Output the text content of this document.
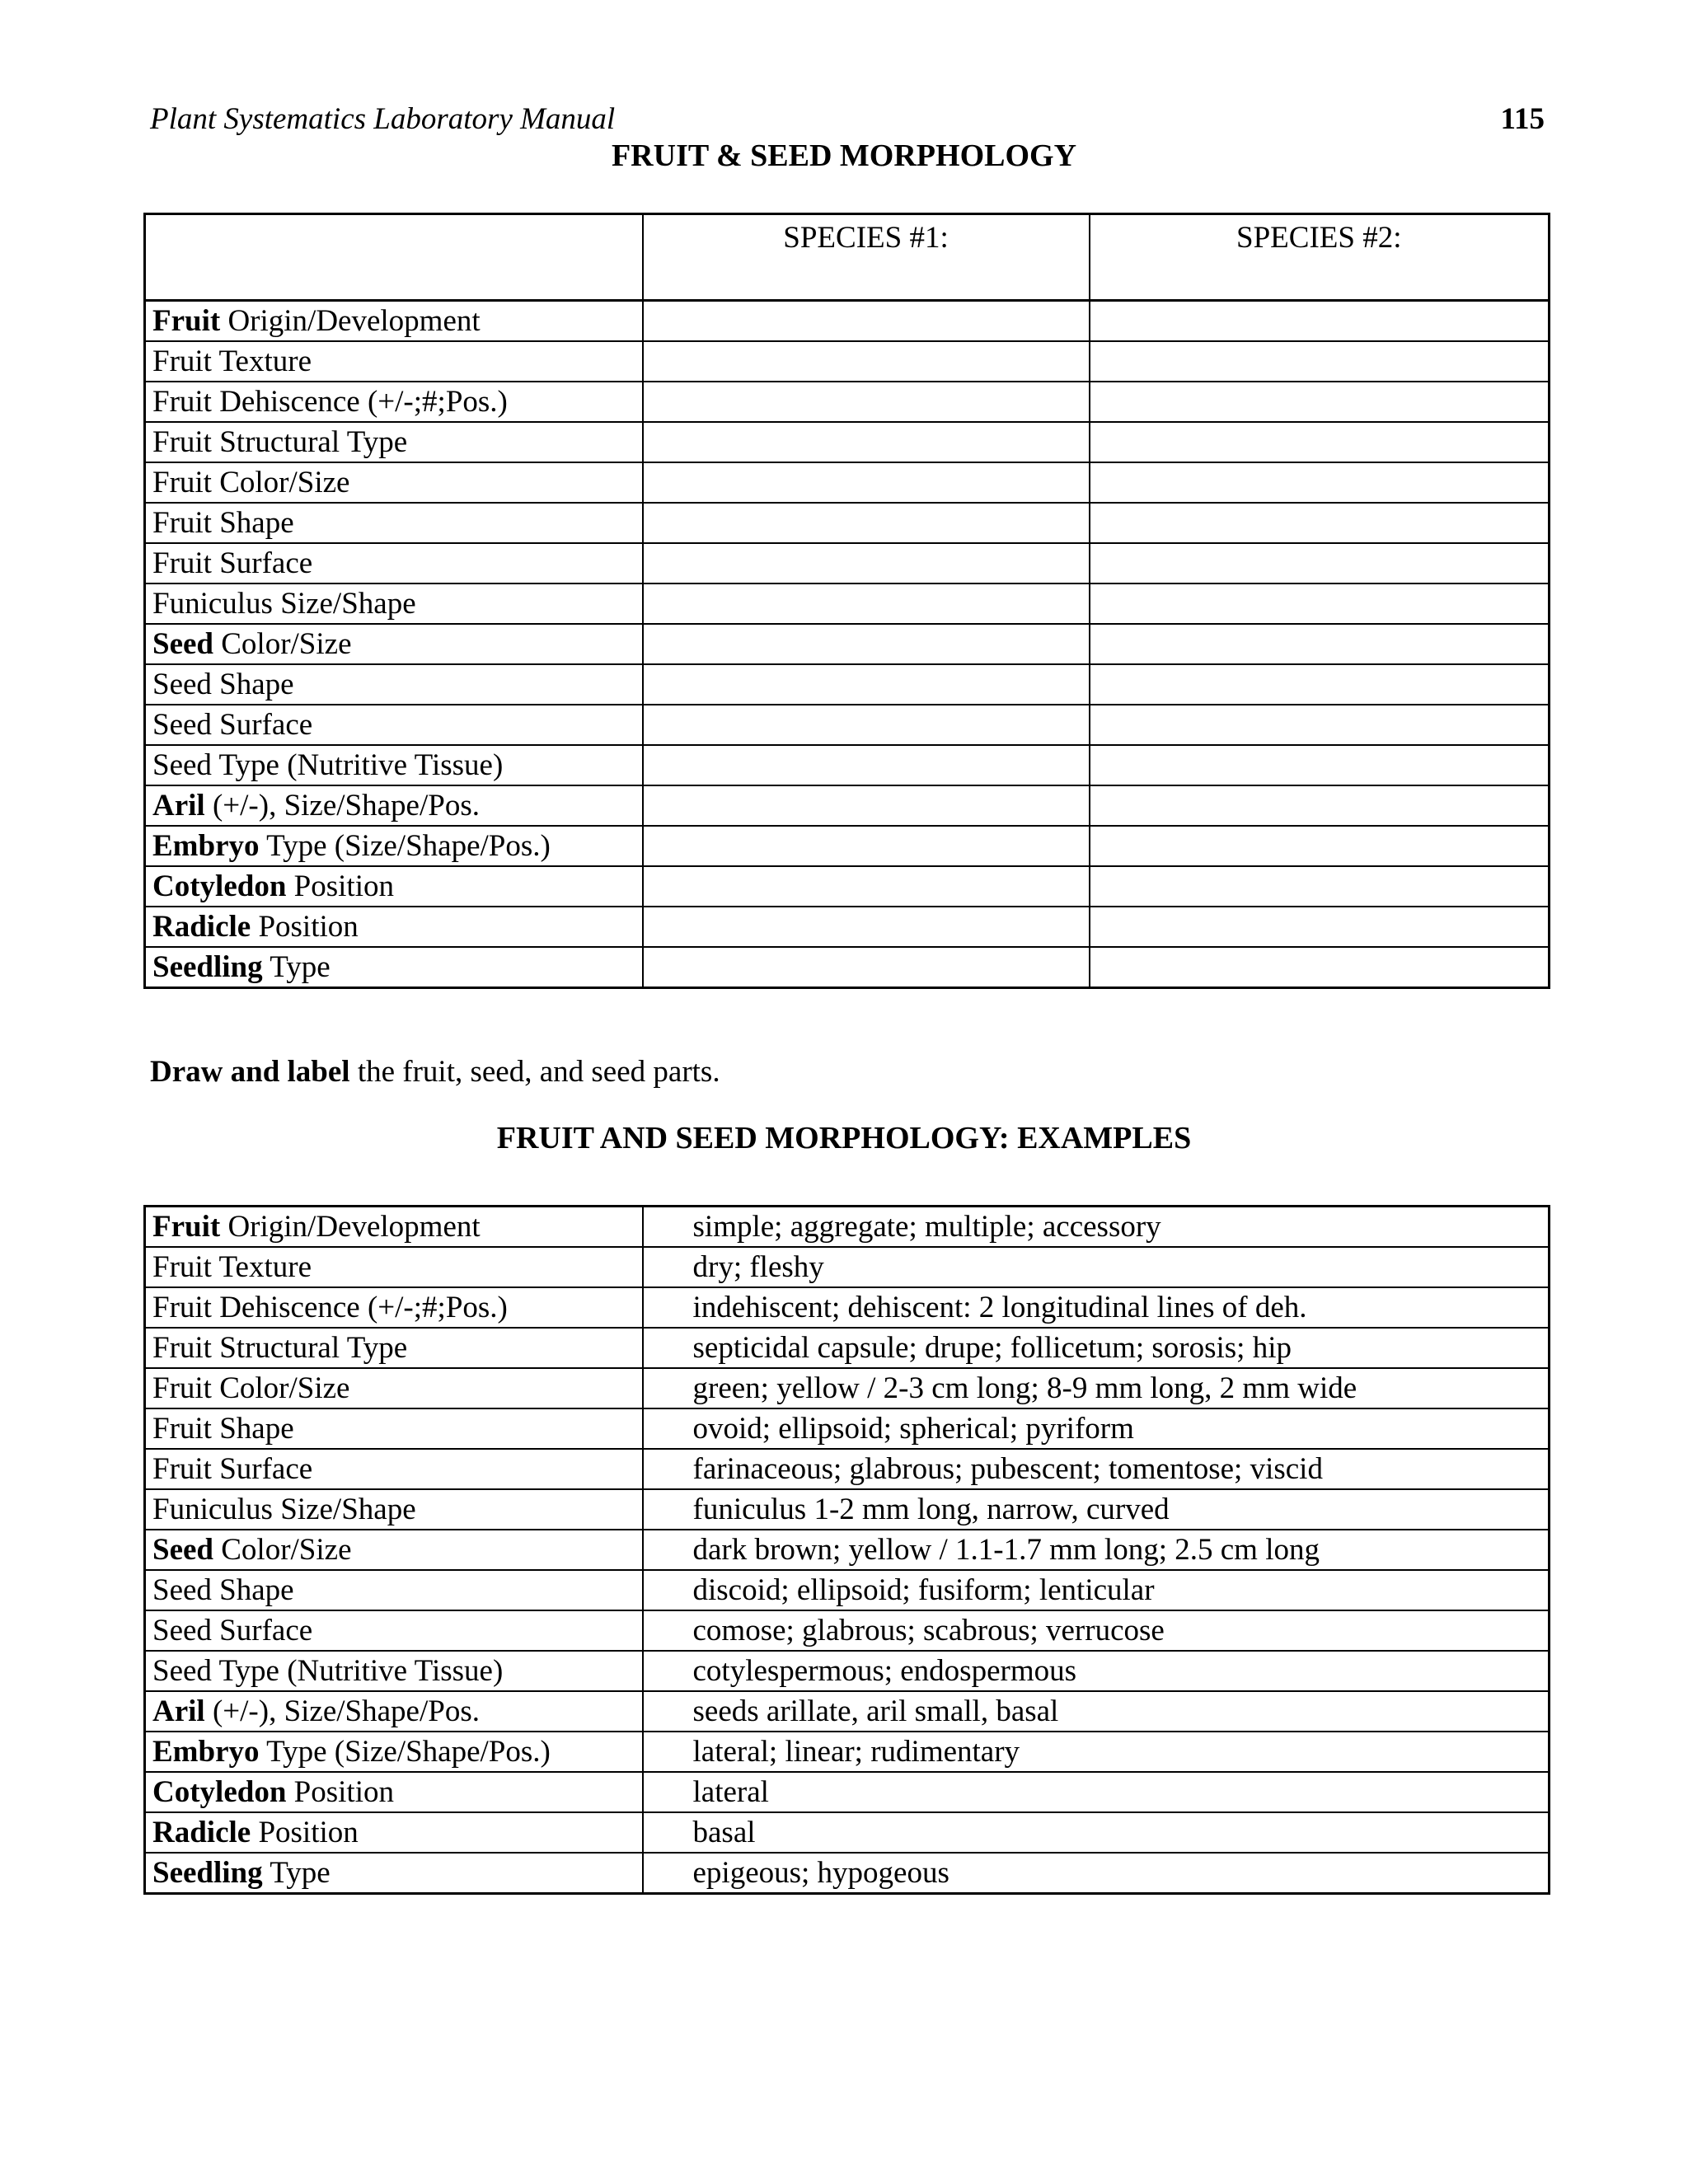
Plant Systematics Laboratory Manual	115
FRUIT & SEED MORPHOLOGY

	SPECIES #1:	SPECIES #2:

Fruit Origin/Development		
Fruit Texture		
Fruit Dehiscence (+/-;#;Pos.)		
Fruit Structural Type		
Fruit Color/Size		
Fruit Shape		
Fruit Surface		
Funiculus Size/Shape		
Seed Color/Size		
Seed Shape		
Seed Surface		
Seed Type (Nutritive Tissue)		
Aril (+/-), Size/Shape/Pos.		
Embryo Type (Size/Shape/Pos.)		
Cotyledon Position		
Radicle Position		
Seedling Type		
Draw and label the fruit, seed, and seed parts.
FRUIT AND SEED MORPHOLOGY: EXAMPLES
Fruit Origin/Development	simple; aggregate; multiple; accessory
Fruit Texture	dry; fleshy
Fruit Dehiscence (+/-;#;Pos.)	indehiscent; dehiscent: 2 longitudinal lines of deh.
Fruit Structural Type	septicidal capsule; drupe; follicetum; sorosis; hip
Fruit Color/Size	green; yellow / 2-3 cm long; 8-9 mm long, 2 mm wide
Fruit Shape	ovoid; ellipsoid; spherical; pyriform
Fruit Surface	farinaceous; glabrous; pubescent; tomentose; viscid
Funiculus Size/Shape	funiculus 1-2 mm long, narrow, curved
Seed Color/Size	dark brown; yellow / 1.1-1.7 mm long; 2.5 cm long
Seed Shape	discoid; ellipsoid; fusiform; lenticular
Seed Surface	comose; glabrous; scabrous; verrucose
Seed Type (Nutritive Tissue)	cotylespermous; endospermous
Aril (+/-), Size/Shape/Pos.	seeds arillate, aril small, basal
Embryo Type (Size/Shape/Pos.)	lateral; linear; rudimentary
Cotyledon Position	lateral
Radicle Position	basal
Seedling Type	epigeous; hypogeous
